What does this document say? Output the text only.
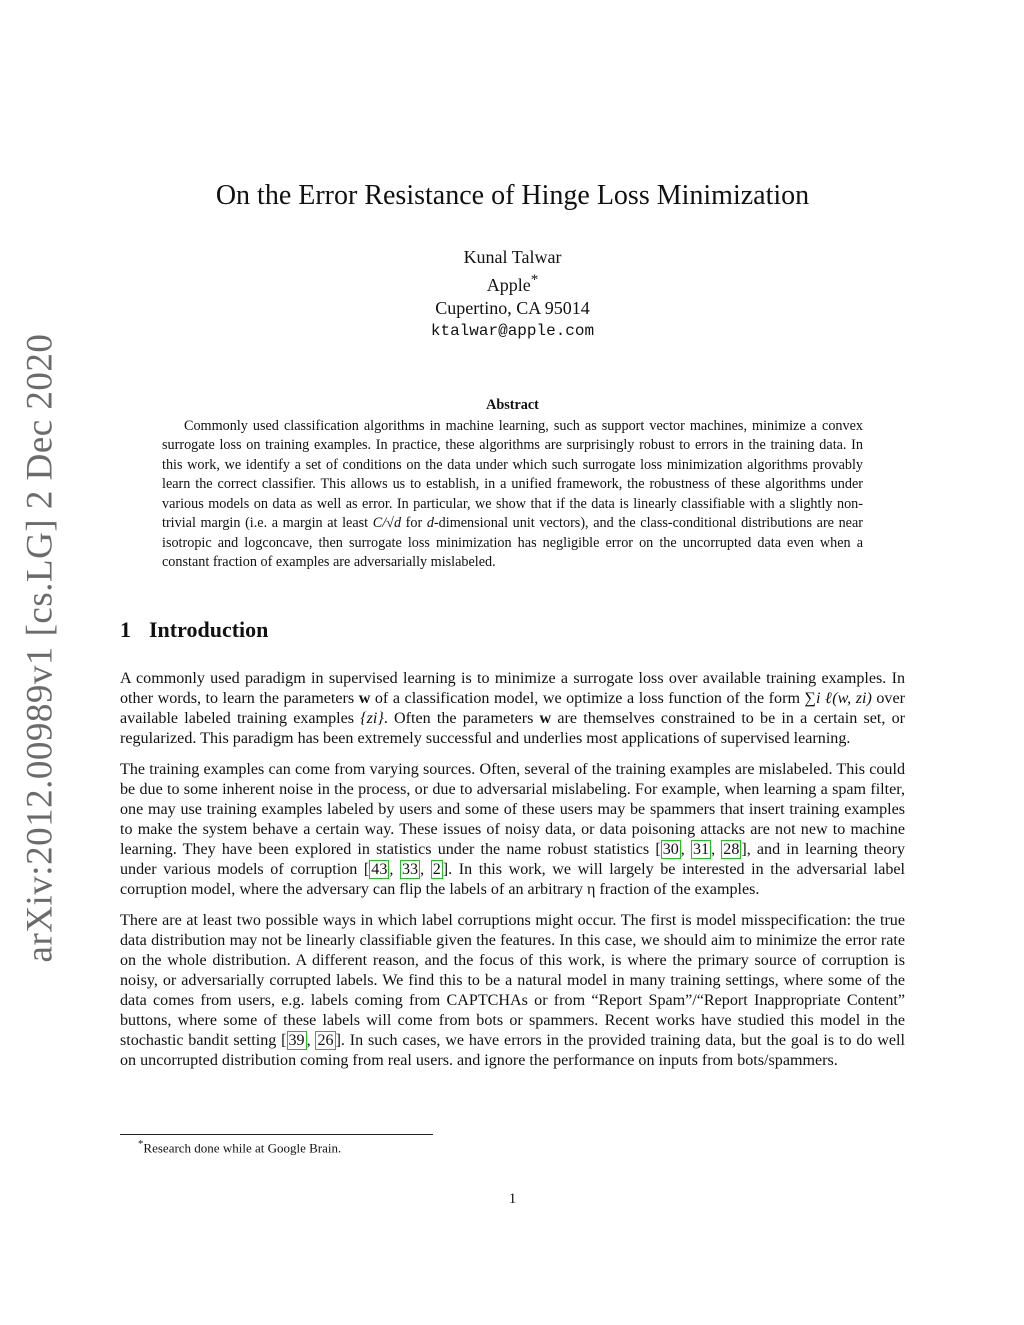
arXiv:2012.00989v1 [cs.LG] 2 Dec 2020
On the Error Resistance of Hinge Loss Minimization
Kunal Talwar
Apple*
Cupertino, CA 95014
ktalwar@apple.com
Abstract

Commonly used classification algorithms in machine learning, such as support vector machines, minimize a convex surrogate loss on training examples. In practice, these algorithms are surprisingly robust to errors in the training data. In this work, we identify a set of conditions on the data under which such surrogate loss minimization algorithms provably learn the correct classifier. This allows us to establish, in a unified framework, the robustness of these algorithms under various models on data as well as error. In particular, we show that if the data is linearly classifiable with a slightly non-trivial margin (i.e. a margin at least C/√d for d-dimensional unit vectors), and the class-conditional distributions are near isotropic and logconcave, then surrogate loss minimization has negligible error on the uncorrupted data even when a constant fraction of examples are adversarially mislabeled.

1 Introduction

A commonly used paradigm in supervised learning is to minimize a surrogate loss over available training examples. In other words, to learn the parameters w of a classification model, we optimize a loss function of the form ∑i ℓ(w, zi) over available labeled training examples {zi}. Often the parameters w are themselves constrained to be in a certain set, or regularized. This paradigm has been extremely successful and underlies most applications of supervised learning.

The training examples can come from varying sources. Often, several of the training examples are mislabeled. This could be due to some inherent noise in the process, or due to adversarial mislabeling. For example, when learning a spam filter, one may use training examples labeled by users and some of these users may be spammers that insert training examples to make the system behave a certain way. These issues of noisy data, or data poisoning attacks are not new to machine learning. They have been explored in statistics under the name robust statistics [ 30 , 31 , 28 ], and in learning theory under various models of corruption [ 43 , 33 , 2 ]. In this work, we will largely be interested in the adversarial label corruption model, where the adversary can flip the labels of an arbitrary η fraction of the examples.

There are at least two possible ways in which label corruptions might occur. The first is model misspecification: the true data distribution may not be linearly classifiable given the features. In this case, we should aim to minimize the error rate on the whole distribution. A different reason, and the focus of this work, is where the primary source of corruption is noisy, or adversarially corrupted labels. We find this to be a natural model in many training settings, where some of the data comes from users, e.g. labels coming from CAPTCHAs or from “Report Spam”/“Report Inappropriate Content” buttons, where some of these labels will come from bots or spammers. Recent works have studied this model in the stochastic bandit setting [ 39 , 26 ]. In such cases, we have errors in the provided training data, but the goal is to do well on uncorrupted distribution coming from real users. and ignore the performance on inputs from bots/spammers.

*Research done while at Google Brain.
1
